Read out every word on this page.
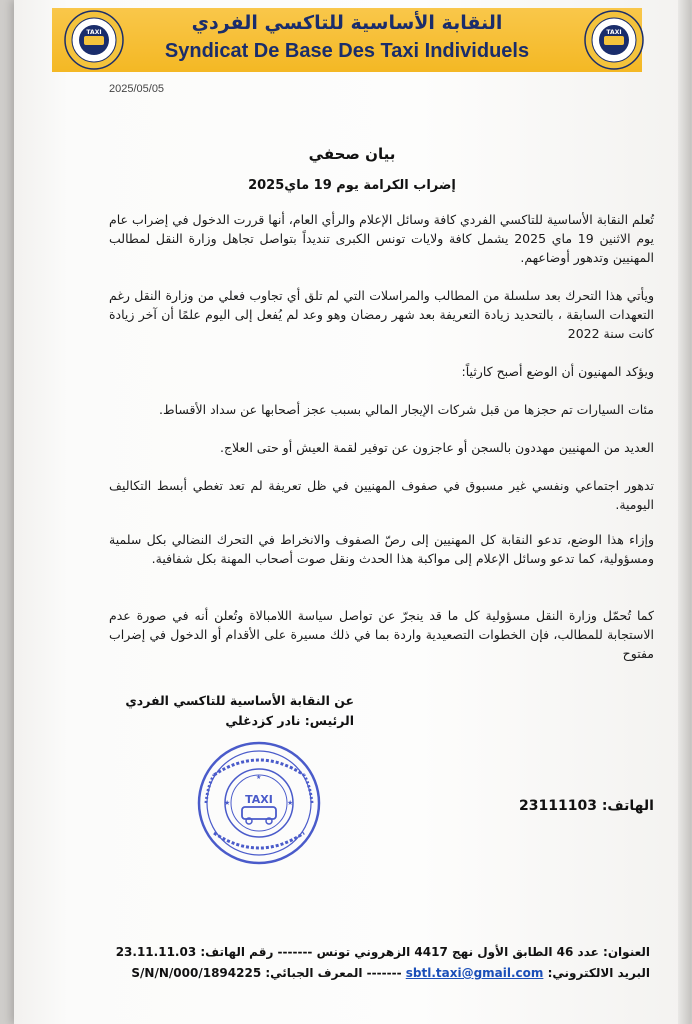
النقابة الأساسية للتاكسي الفردي
Syndicat De Base Des Taxi Individuels
TAXI	TAXI
2025/05/05
بيان صحفي
إضراب الكرامة يوم 19 ماي2025
تُعلم النقابة الأساسية للتاكسي الفردي كافة وسائل الإعلام والرأي العام، أنها قررت الدخول في إضراب عام يوم الاثنين 19 ماي 2025 يشمل كافة ولايات تونس الكبرى تنديداً بتواصل تجاهل وزارة النقل لمطالب المهنيين وتدهور أوضاعهم.
ويأتي هذا التحرك بعد سلسلة من المطالب والمراسلات التي لم تلق أي تجاوب فعلي من وزارة النقل رغم التعهدات السابقة ، بالتحديد زيادة التعريفة بعد شهر رمضان وهو وعد لم يُفعل إلى اليوم علمًا أن آخر زيادة كانت سنة 2022
ويؤكد المهنيون أن الوضع أصبح كارثياً:
مئات السيارات تم حجزها من قبل شركات الإيجار المالي بسبب عجز أصحابها عن سداد الأقساط.
العديد من المهنيين مهددون بالسجن أو عاجزون عن توفير لقمة العيش أو حتى العلاج.
تدهور اجتماعي ونفسي غير مسبوق في صفوف المهنيين في ظل تعريفة لم تعد تغطي أبسط التكاليف اليومية.
وإزاء هذا الوضع، تدعو النقابة كل المهنيين إلى رصّ الصفوف والانخراط في التحرك النضالي بكل سلمية ومسؤولية، كما تدعو وسائل الإعلام إلى مواكبة هذا الحدث ونقل صوت أصحاب المهنة بكل شفافية.
كما تُحمّل وزارة النقل مسؤولية كل ما قد ينجرّ عن تواصل سياسة اللامبالاة وتُعلن أنه في صورة عدم الاستجابة للمطالب، فإن الخطوات التصعيدية واردة بما في ذلك مسيرة على الأقدام أو الدخول في إضراب مفتوح
عن النقابة الأساسية للتاكسي الفردي
الرئيس: نادر كزدغلي
★	★
★
TAXI	الهاتف: 23111103
العنوان: عدد 46 الطابق الأول نهج 4417 الزهروني تونس ------- رقم الهاتف: 23.11.11.03
البريد الالكتروني: sbtl.taxi@gmail.com ------- المعرف الجبائي: 1894225/S/N/N/000
